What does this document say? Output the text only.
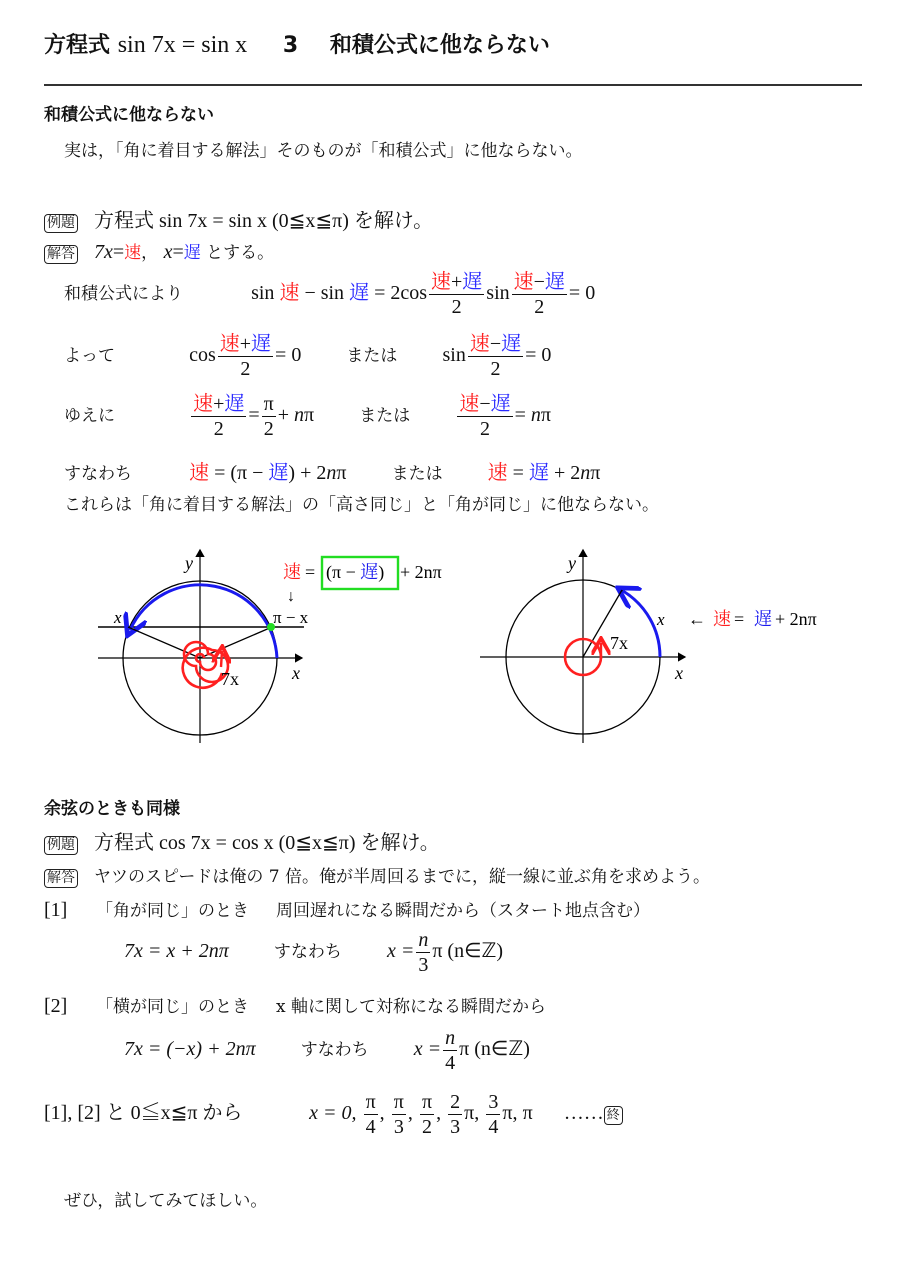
方程式 sin 7x = sin x 3 和積公式に他ならない
和積公式に他ならない
実は，「角に着目する解法」そのものが「和積公式」に他ならない。
例題 方程式 sin 7x = sin x (0≦x≦π) を解け。
解答 7x=速， x=遅 とする。
和積公式により	sin 速 − sin 遅 = $2\cos \frac{\text{速+遅}}{2}$ $\sin \frac{\text{速−遅}}{2} = 0$
よって	$\cos \frac{\text{速+遅}}{2} = 0$	または $\sin \frac{\text{速−遅}}{2} = 0$
ゆえに	$\frac{\text{速+遅}}{2} = \frac{\pi}{2} + n\pi$	または $\frac{\text{速−遅}}{2} = n\pi$
すなわち	速 = (π − 遅) + 2nπ	または 速 = 遅 + 2nπ
これらは「角に着目する解法」の「高さ同じ」と「角が同じ」に他ならない。
y
x
x	π − x
7x
速 = (π − 遅) + 2nπ
↓
y
x
x
7x
← 速 = 遅 + 2nπ
余弦のときも同様
例題 方程式 cos 7x = cos x (0≦x≦π) を解け。
解答 ヤツのスピードは俺の 7 倍。俺が半周回るまでに，縦一線に並ぶ角を求めよう。
[1] 「角が同じ」のとき 周回遅れになる瞬間だから（スタート地点含む）
7x = x + 2nπ	すなわち $x = \frac{n}{3}$ π (n∈ℤ)
[2] 「横が同じ」のとき x 軸に関して対称になる瞬間だから
7x = (−x) + 2nπ	すなわち $x = \frac{n}{4}$ π (n∈ℤ)
[1], [2] と 0≦x≦π から	x = 0, $\frac{\pi}{4}$ , $\frac{\pi}{3}$ , $\frac{\pi}{2}$ , $\frac{2}{3} \pi$, $\frac{3}{4} \pi$, π …… 終
ぜひ，試してみてほしい。
